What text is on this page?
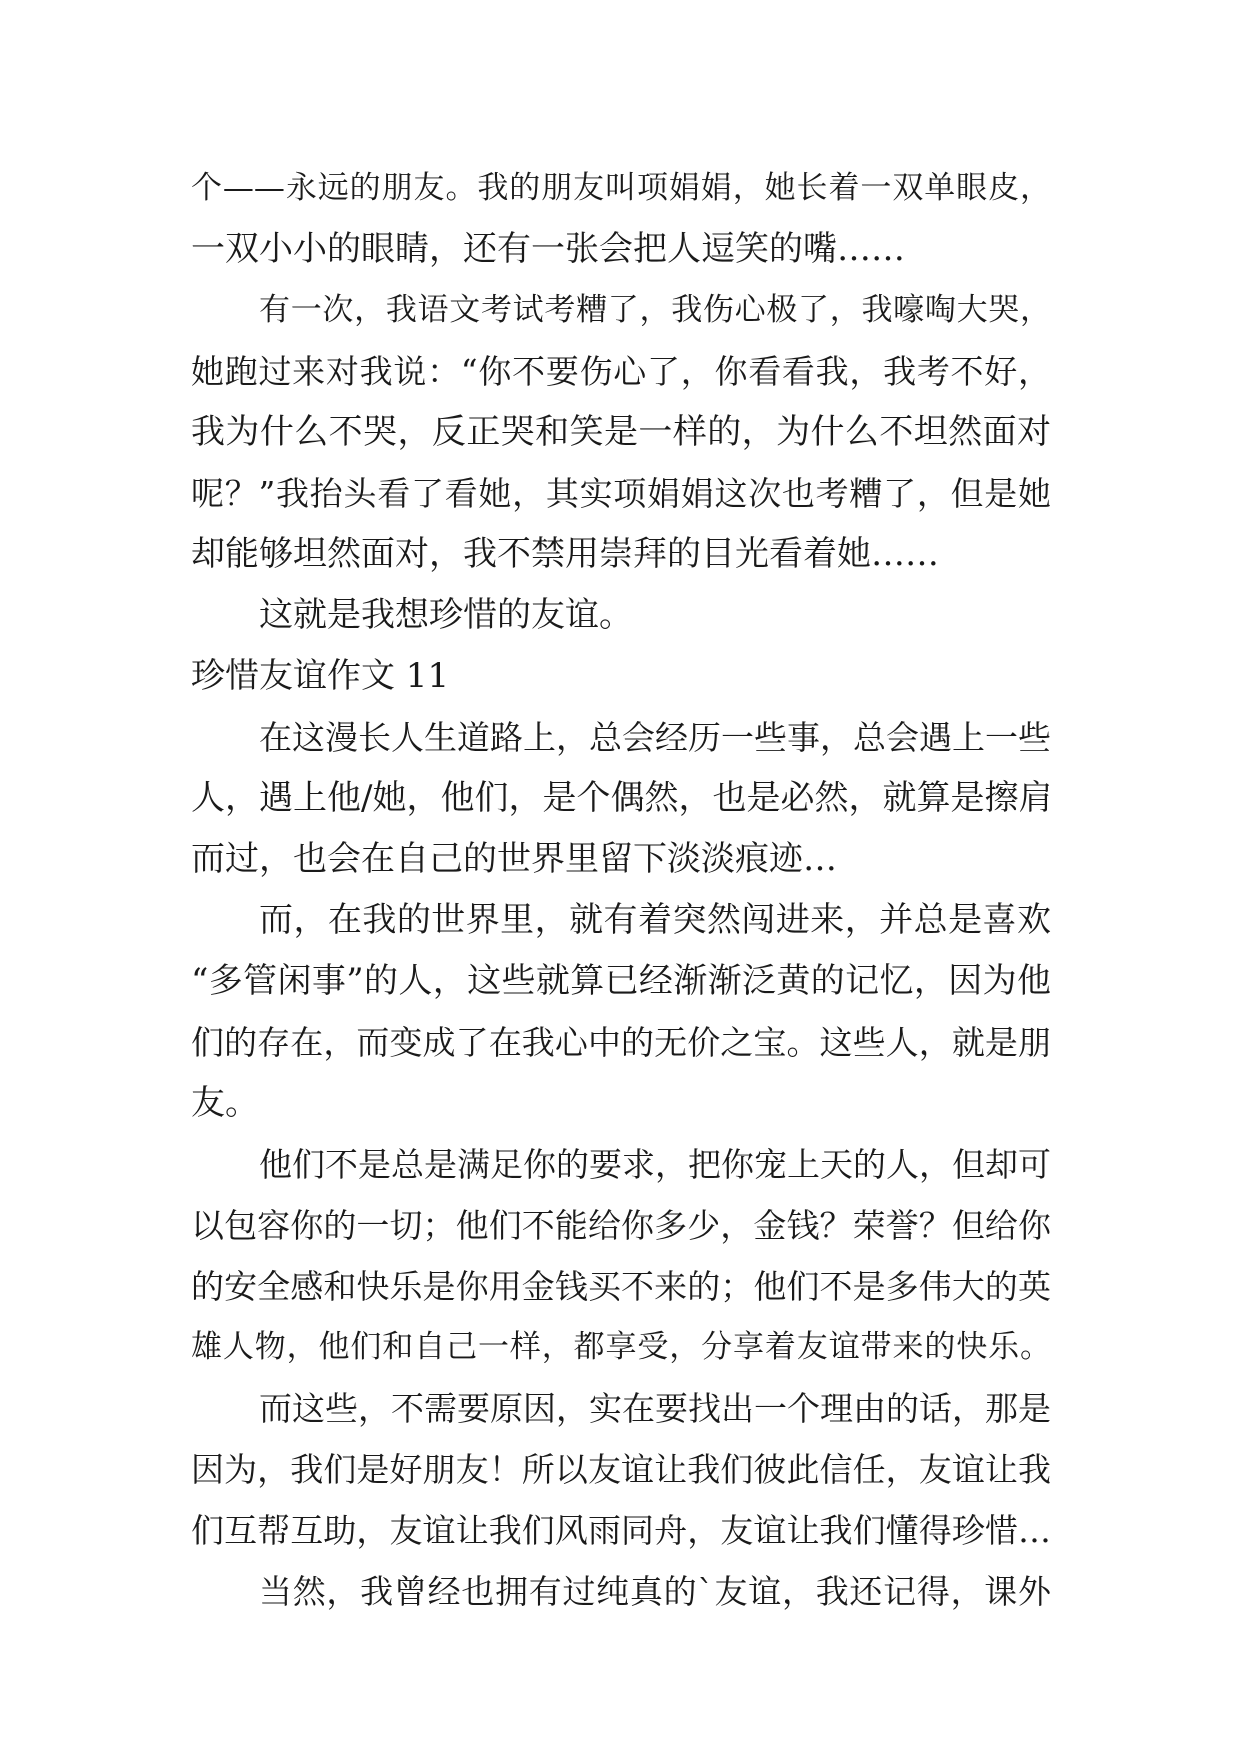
个——永远的朋友。我的朋友叫项娟娟，她长着一双单眼皮，
一双小小的眼睛，还有一张会把人逗笑的嘴……
有一次，我语文考试考糟了，我伤心极了，我嚎啕大哭，
她跑过来对我说：“你不要伤心了，你看看我，我考不好，
我为什么不哭，反正哭和笑是一样的，为什么不坦然面对
呢？”我抬头看了看她，其实项娟娟这次也考糟了，但是她
却能够坦然面对，我不禁用崇拜的目光看着她……
这就是我想珍惜的友谊。
珍惜友谊作文 11
在这漫长人生道路上，总会经历一些事，总会遇上一些
人，遇上他/她，他们，是个偶然，也是必然，就算是擦肩
而过，也会在自己的世界里留下淡淡痕迹…
而，在我的世界里，就有着突然闯进来，并总是喜欢
“多管闲事”的人，这些就算已经渐渐泛黄的记忆，因为他
们的存在，而变成了在我心中的无价之宝。这些人，就是朋
友。
他们不是总是满足你的要求，把你宠上天的人，但却可
以包容你的一切；他们不能给你多少，金钱？荣誉？但给你
的安全感和快乐是你用金钱买不来的；他们不是多伟大的英
雄人物，他们和自己一样，都享受，分享着友谊带来的快乐。
而这些，不需要原因，实在要找出一个理由的话，那是
因为，我们是好朋友！所以友谊让我们彼此信任，友谊让我
们互帮互助，友谊让我们风雨同舟，友谊让我们懂得珍惜…
当然，我曾经也拥有过纯真的`友谊，我还记得，课外
